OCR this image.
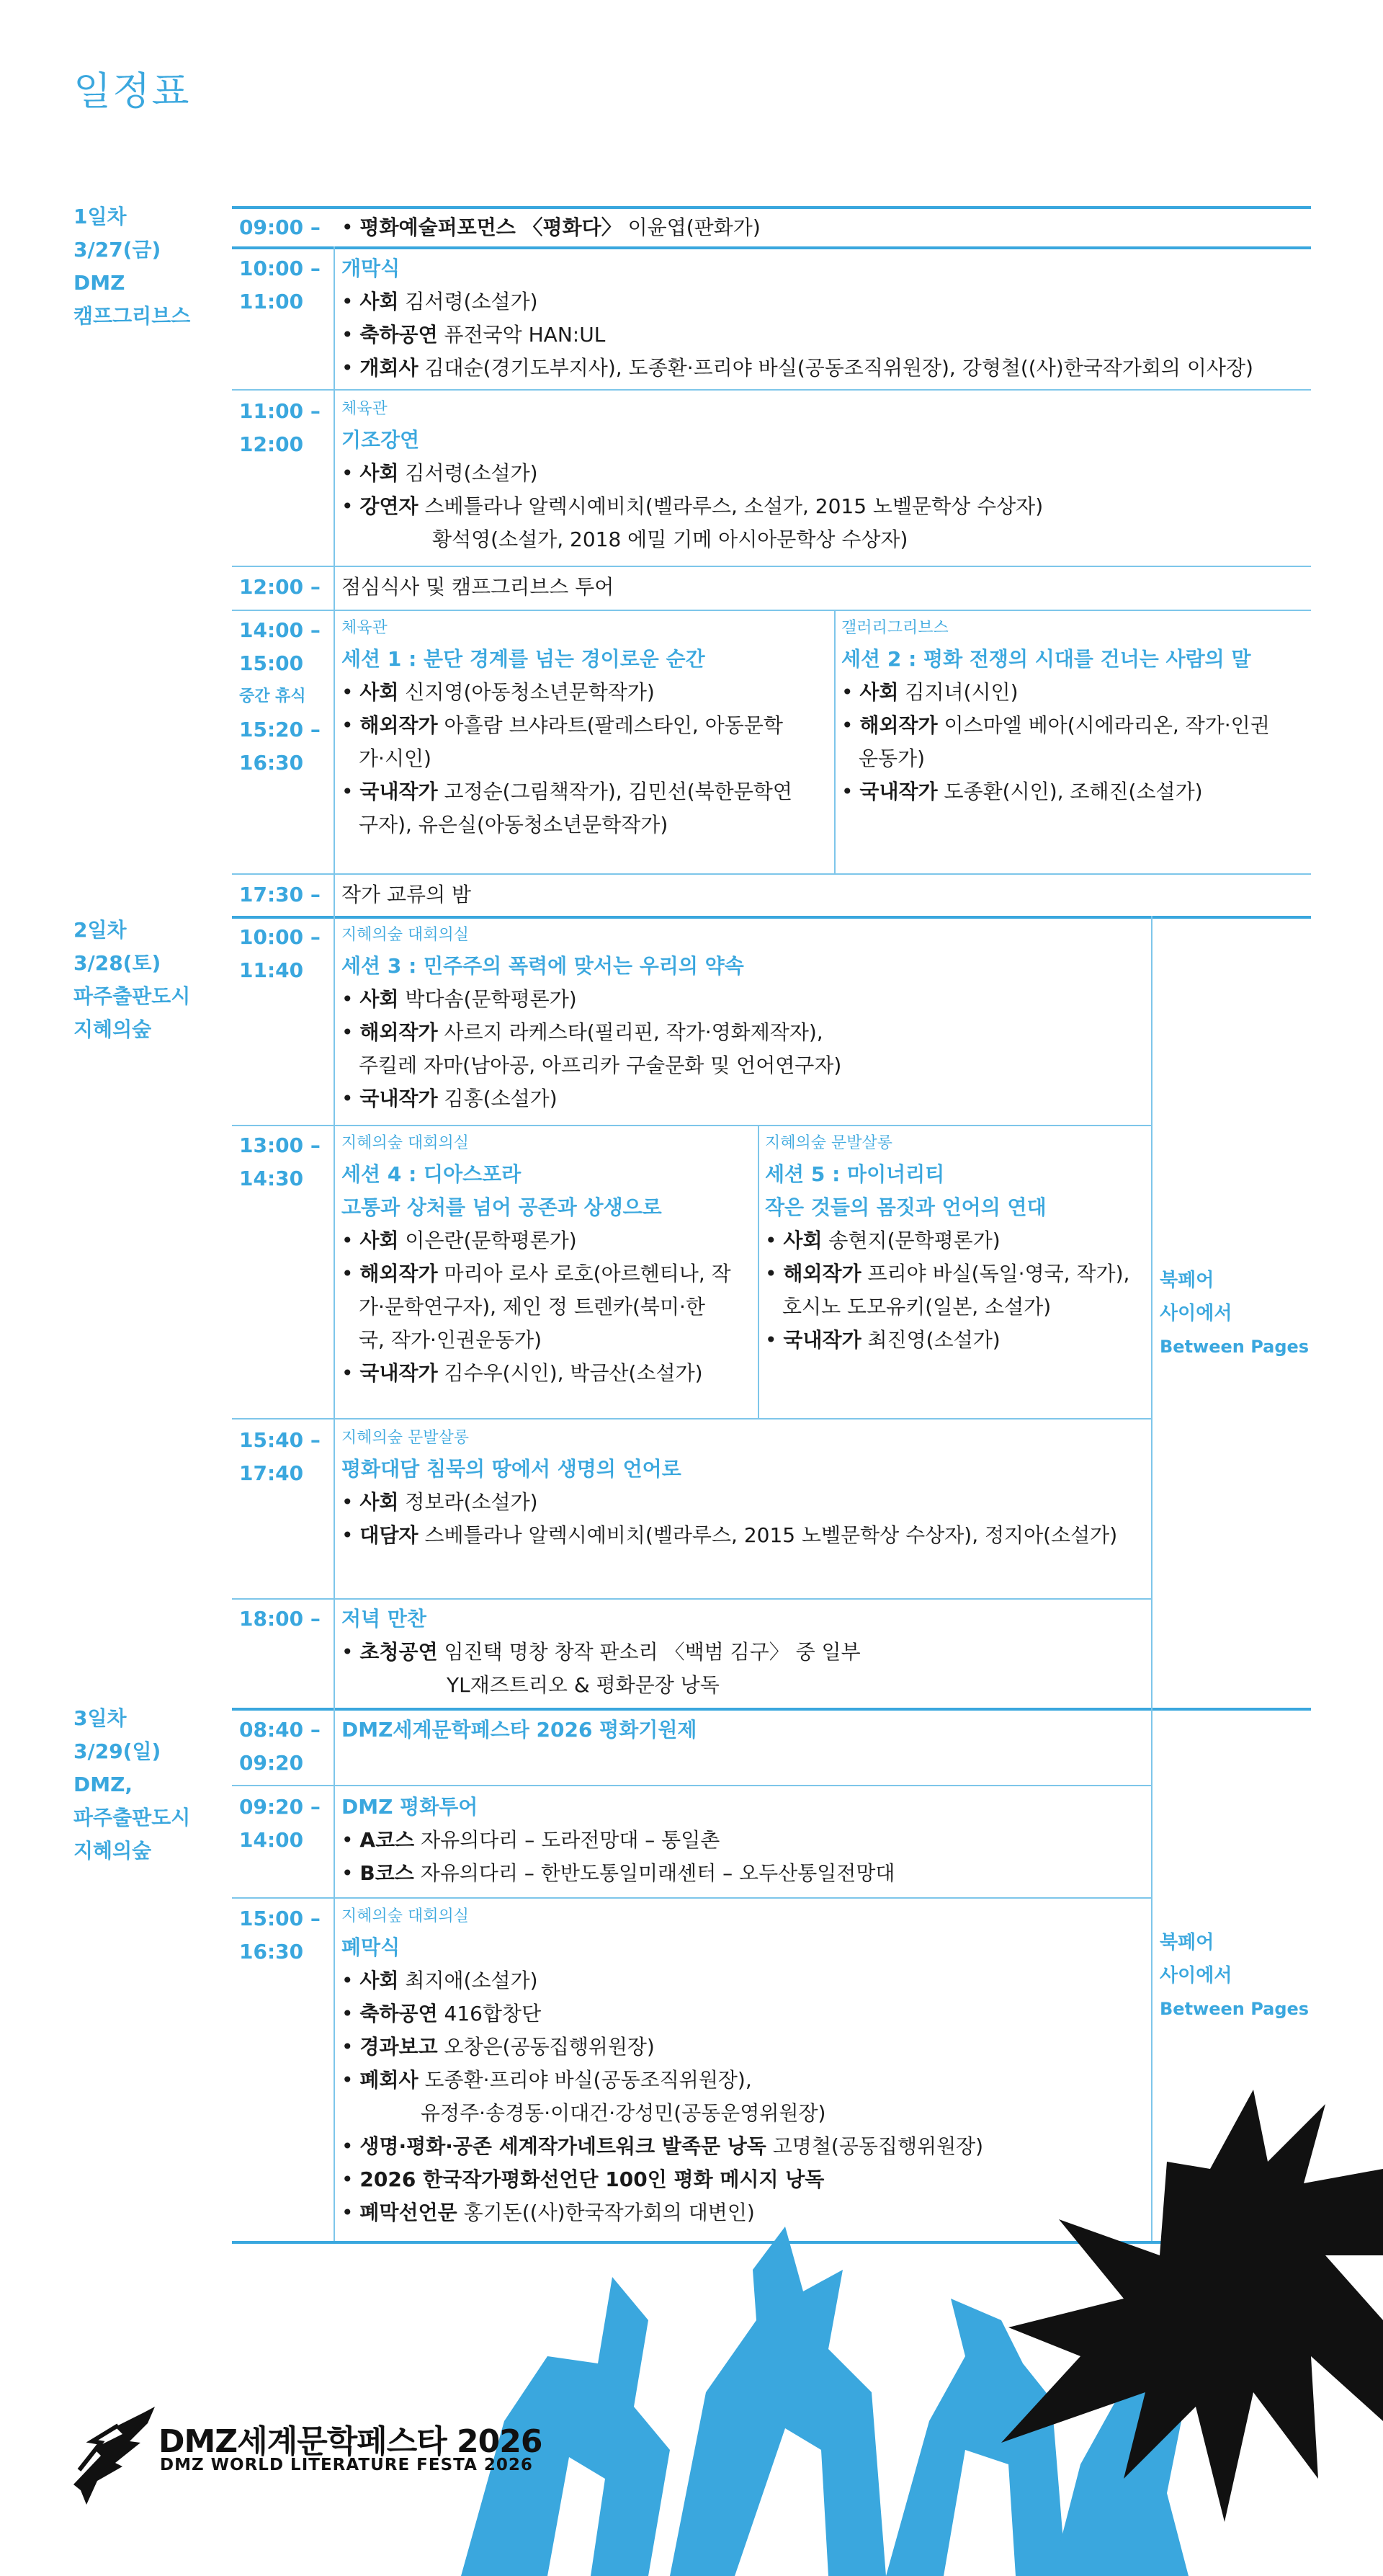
일정표
1일차
3/27(금)
DMZ
캠프그리브스
2일차
3/28(토)
파주출판도시
지혜의숲
3일차
3/29(일)
DMZ,
파주출판도시
지혜의숲
09:00 – • 평화예술퍼포먼스 〈평화다〉 이윤엽(판화가)
10:00 –
11:00
개막식
• 사회 김서령(소설가)
• 축하공연 퓨전국악 HAN:UL
• 개회사 김대순(경기도부지사), 도종환·프리야 바실(공동조직위원장), 강형철((사)한국작가회의 이사장)
11:00 –
12:00
체육관
기조강연
• 사회 김서령(소설가)
• 강연자 스베틀라나 알렉시예비치(벨라루스, 소설가, 2015 노벨문학상 수상자)
황석영(소설가, 2018 에밀 기메 아시아문학상 수상자)
12:00 – 점심식사 및 캠프그리브스 투어
14:00 –
15:00
중간 휴식
15:20 –
16:30
체육관
세션 1 : 분단 경계를 넘는 경이로운 순간
• 사회 신지영(아동청소년문학작가)
• 해외작가 아흘람 브샤라트(팔레스타인, 아동문학
가·시인)
• 국내작가 고정순(그림책작가), 김민선(북한문학연
구자), 유은실(아동청소년문학작가)
갤러리그리브스
세션 2 : 평화 전쟁의 시대를 건너는 사람의 말
• 사회 김지녀(시인)
• 해외작가 이스마엘 베아(시에라리온, 작가·인권
운동가)
• 국내작가 도종환(시인), 조해진(소설가)
17:30 – 작가 교류의 밤
10:00 –
11:40
지혜의숲 대회의실
세션 3 : 민주주의 폭력에 맞서는 우리의 약속
• 사회 박다솜(문학평론가)
• 해외작가 사르지 라케스타(필리핀, 작가·영화제작자),
주킬레 자마(남아공, 아프리카 구술문화 및 언어연구자)
• 국내작가 김홍(소설가)
13:00 –
14:30
지혜의숲 대회의실
세션 4 : 디아스포라
고통과 상처를 넘어 공존과 상생으로
• 사회 이은란(문학평론가)
• 해외작가 마리아 로사 로호(아르헨티나, 작
가·문학연구자), 제인 정 트렌카(북미·한
국, 작가·인권운동가)
• 국내작가 김수우(시인), 박금산(소설가)
지혜의숲 문발살롱
세션 5 : 마이너리티
작은 것들의 몸짓과 언어의 연대
• 사회 송현지(문학평론가)
• 해외작가 프리야 바실(독일·영국, 작가),
호시노 도모유키(일본, 소설가)
• 국내작가 최진영(소설가)
15:40 –
17:40
지혜의숲 문발살롱
평화대담 침묵의 땅에서 생명의 언어로
• 사회 정보라(소설가)
• 대담자 스베틀라나 알렉시예비치(벨라루스, 2015 노벨문학상 수상자), 정지아(소설가)
18:00 – 저녁 만찬
• 초청공연 임진택 명창 창작 판소리 〈백범 김구〉 중 일부
YL재즈트리오 & 평화문장 낭독
08:40 –
09:20
DMZ세계문학페스타 2026 평화기원제
09:20 –
14:00
DMZ 평화투어
• A코스 자유의다리 – 도라전망대 – 통일촌
• B코스 자유의다리 – 한반도통일미래센터 – 오두산통일전망대
15:00 –
16:30
지혜의숲 대회의실
폐막식
• 사회 최지애(소설가)
• 축하공연 416합창단
• 경과보고 오창은(공동집행위원장)
• 폐회사 도종환·프리야 바실(공동조직위원장),
유정주·송경동·이대건·강성민(공동운영위원장)
• 생명·평화·공존 세계작가네트워크 발족문 낭독 고명철(공동집행위원장)
• 2026 한국작가평화선언단 100인 평화 메시지 낭독
• 폐막선언문 홍기돈((사)한국작가회의 대변인)
북페어
사이에서
Between Pages
북페어
사이에서
Between Pages
DMZ세계문학페스타 2026
DMZ WORLD LITERATURE FESTA 2026
